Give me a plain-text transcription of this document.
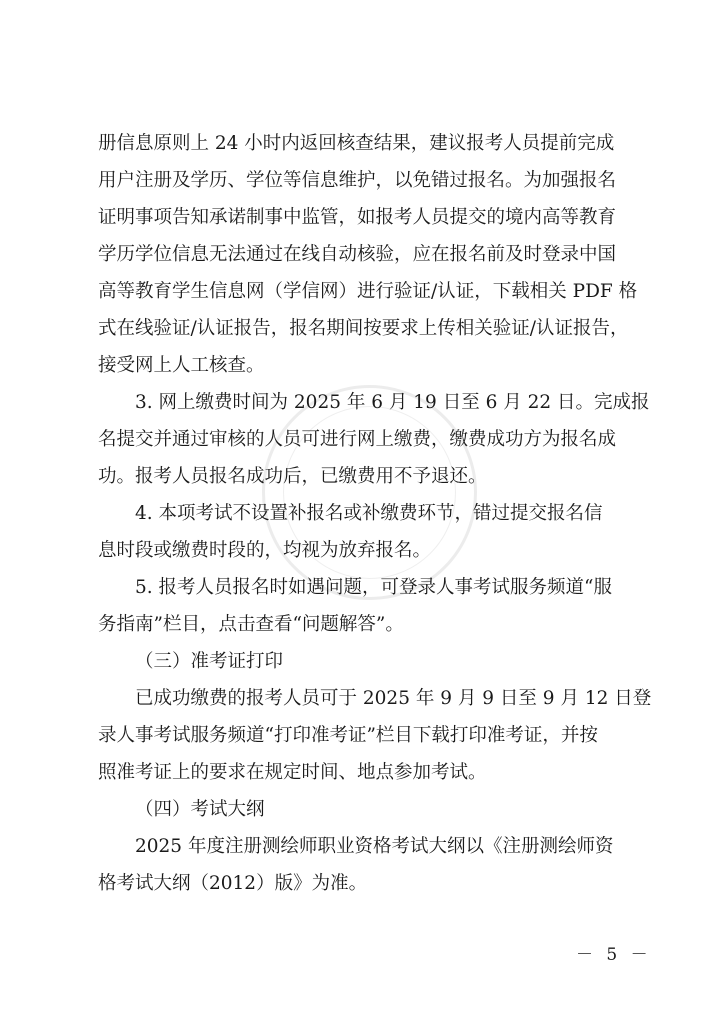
册信息原则上 24 小时内返回核查结果，建议报考人员提前完成
用户注册及学历、学位等信息维护，以免错过报名。为加强报名
证明事项告知承诺制事中监管，如报考人员提交的境内高等教育
学历学位信息无法通过在线自动核验，应在报名前及时登录中国
高等教育学生信息网（学信网）进行验证/认证，下载相关 PDF 格
式在线验证/认证报告，报名期间按要求上传相关验证/认证报告，
接受网上人工核查。
3. 网上缴费时间为 2025 年 6 月 19 日至 6 月 22 日。完成报
名提交并通过审核的人员可进行网上缴费，缴费成功方为报名成
功。报考人员报名成功后，已缴费用不予退还。
4. 本项考试不设置补报名或补缴费环节，错过提交报名信
息时段或缴费时段的，均视为放弃报名。
5. 报考人员报名时如遇问题，可登录人事考试服务频道“服
务指南”栏目，点击查看“问题解答”。
（三）准考证打印
已成功缴费的报考人员可于 2025 年 9 月 9 日至 9 月 12 日登
录人事考试服务频道“打印准考证”栏目下载打印准考证，并按
照准考证上的要求在规定时间、地点参加考试。
（四）考试大纲
2025 年度注册测绘师职业资格考试大纲以《注册测绘师资
格考试大纲（2012）版》为准。
－ 5 －
